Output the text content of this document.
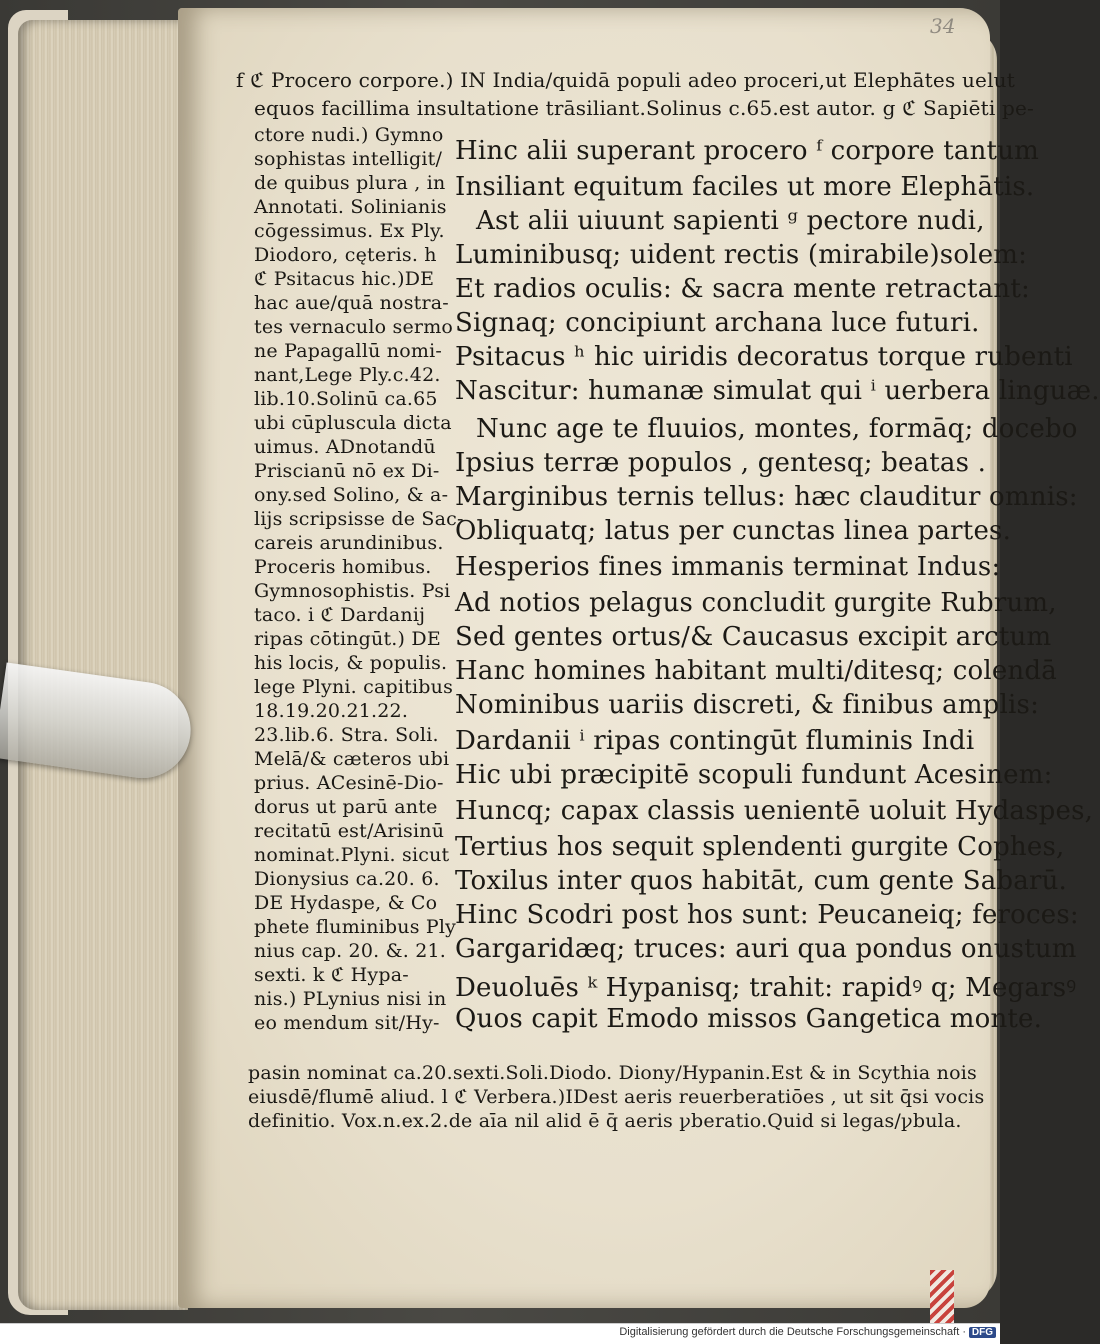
34

f ℭ Procero corpore.) IN India/quidā populi adeo proceri,ut Elephātes uelut

equos facillima insultatione trāsiliant.Solinus c.65.est autor. g ℭ Sapiēti pe-

ctore nudi.) Gymno

sophistas intelligit/

de quibus plura , in

Annotati. Solinianis

cōgessimus. Ex Ply.

Diodoro, cęteris. h

ℭ Psitacus hic.)DE

hac aue/quā nostra-

tes vernaculo sermo

ne Papagallū nomi-

nant,Lege Ply.c.42.

lib.10.Solinū ca.65

ubi cūplusculа dicta

uimus. ADnotandū

Priscianū nō ex Di-

ony.sed Solino, & a-

lijs scripsisse de Sac-

careis arundinibus.

Proceris homibus.

Gymnosophistis. Psi

taco. i ℭ Dardanij

ripas cōtingūt.) DE

his locis, & populis.

lege Plyni. capitibus

18.19.20.21.22.

23.lib.6. Stra. Soli.

Melā/& cæteros ubi

prius. ACesinē-Dio-

dorus ut parū ante

recitatū est/Arisinū

nominat.Plyni. sicut

Dionysius ca.20. 6.

DE Hydaspe, & Co

phete fluminibus Ply

nius cap. 20. &. 21.

sexti. k ℭ Hypa-

nis.) PLynius nisi in

eo mendum sit/Hy-

Hinc alii superant procero ᶠ corpore tantum

Insiliant equitum faciles ut more Elephātis.

Ast alii uiuunt sapienti ᵍ pectore nudi,

Luminibusq; uident rectis (mirabile)solem:

Et radios oculis: & sacra mente retractant:

Signaq; concipiunt archana luce futuri.

Psitacus ʰ hic uiridis decoratus torque rubenti

Nascitur: humanæ simulat qui ⁱ uerbera linguæ.

Nunc age te fluuios, montes, formāq; docebo

Ipsius terræ populos , gentesq; beatas .

Marginibus ternis tellus: hæc clauditur omnis:

Obliquatq; latus per cunctas linea partes.

Hesperios fines immanis terminat Indus:

Ad notios pelagus concludit gurgite Rubrum,

Sed gentes ortus/& Caucasus excipit arctum

Hanc homines habitant multi/ditesq; colendā

Nominibus uariis discreti, & finibus amplis:

Dardanii ⁱ ripas contingūt fluminis Indi

Hic ubi præcipitē scopuli fundunt Acesinem:

Huncq; capax classis uenientē uoluit Hydaspes,

Tertius hos sequit splendenti gurgite Cophes,

Toxilus inter quos habitāt, cum gente Sabarū.

Hinc Scodri post hos sunt: Peucaneiq; feroces:

Gargaridæq; truces: auri qua pondus onustum

Deuoluēs ᵏ Hypanisq; trahit: rapidꝰ q; Megarsꝰ

Quos capit Emodo missos Gangetica monte.

pasin nominat ca.20.sexti.Soli.Diodo. Diony/Hypanin.Est & in Scythia nois

eiusdē/flumē aliud. l ℭ Verbera.)IDest aeris reuerberatiōes , ut sit q̄si vocis

definitio. Vox.n.ex.2.de aīa nil alid ē q̄ aeris ꝩberatio.Quid si legas/ꝩbula.

Digitalisierung gefördert durch die Deutsche Forschungsgemeinschaft · DFG
